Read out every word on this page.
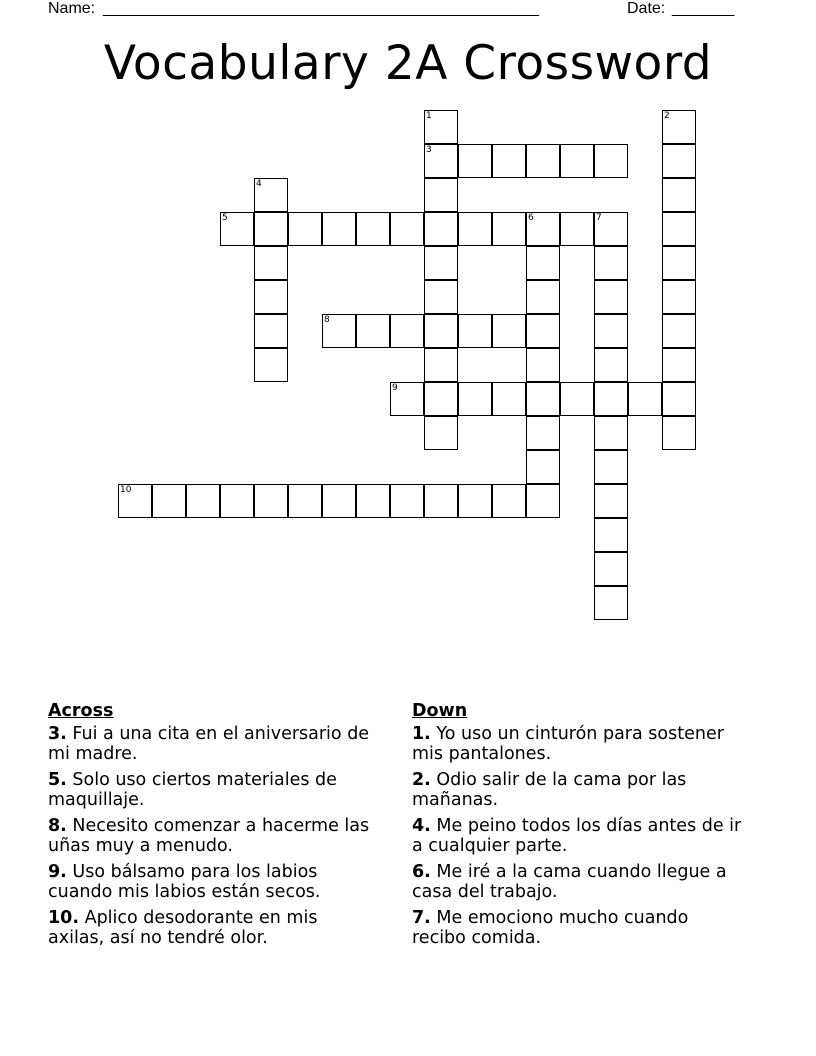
Name: _________________________________________________	Date: _______
Vocabulary 2A Crossword
1
3
2
4
5	6	7
8
9
10
Across
3. Fui a una cita en el aniversario de mi madre.
5. Solo uso ciertos materiales de maquillaje.
8. Necesito comenzar a hacerme las uñas muy a menudo.
9. Uso bálsamo para los labios cuando mis labios están secos.
10. Aplico desodorante en mis axilas, así no tendré olor.
Down
1. Yo uso un cinturón para sostener mis pantalones.
2. Odio salir de la cama por las mañanas.
4. Me peino todos los días antes de ir a cualquier parte.
6. Me iré a la cama cuando llegue a casa del trabajo.
7. Me emociono mucho cuando recibo comida.
